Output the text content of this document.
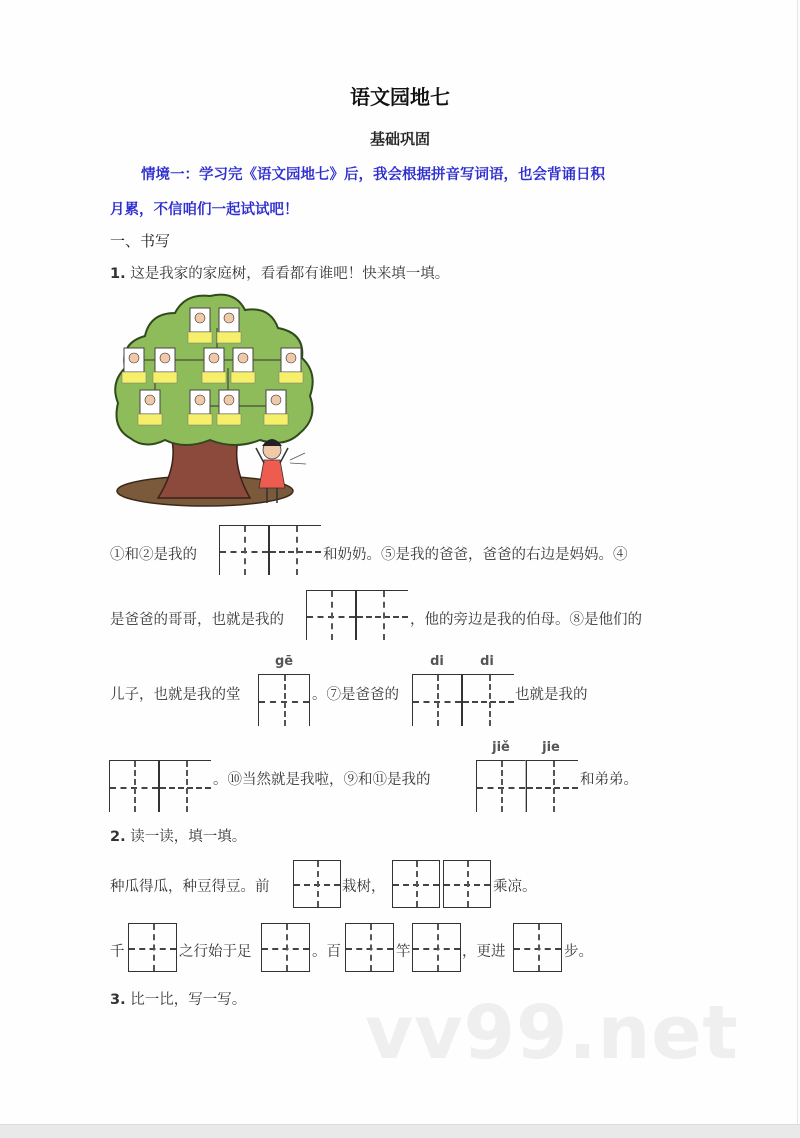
语文园地七
基础巩固
情境一：学习完《语文园地七》后，我会根据拼音写词语，也会背诵日积
月累，不信咱们一起试试吧！
一、书写
1. 这是我家的家庭树，看看都有谁吧！快来填一填。
①和②是我的	和奶奶。⑤是我的爸爸，爸爸的右边是妈妈。④
是爸爸的哥哥，也就是我的	，他的旁边是我的伯母。⑧是他们的
儿子，也就是我的堂
gē
。⑦是爸爸的
di	di
也就是我的
。⑩当然就是我啦，⑨和⑪是我的
jiě	jie
和弟弟。
2. 读一读，填一填。
种瓜得瓜，种豆得豆。前	栽树，	乘凉。
千	之行始于足	。百	竿	，更进	步。
3. 比一比，写一写。 vv99.net
